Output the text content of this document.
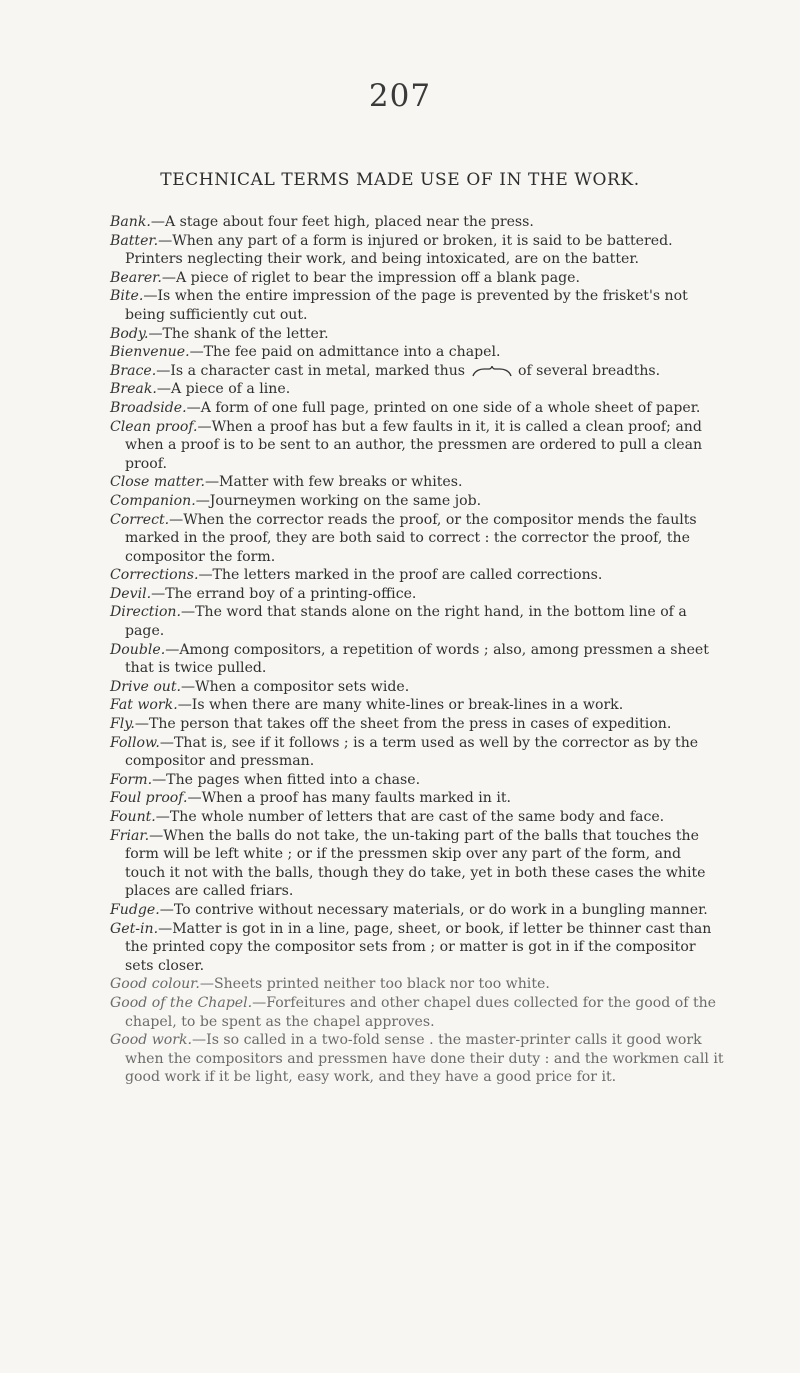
207
TECHNICAL TERMS MADE USE OF IN THE WORK.

Bank.—A stage about four feet high, placed near the press.

Batter.—When any part of a form is injured or broken, it is said to be battered. Printers neglecting their work, and being intoxicated, are on the batter.

Bearer.—A piece of riglet to bear the impression off a blank page.

Bite.—Is when the entire impression of the page is prevented by the frisket's not being sufficiently cut out.

Body.—The shank of the letter.

Bienvenue.—The fee paid on admittance into a chapel.

Brace.—Is a character cast in metal, marked thus	of several breadths.

Break.—A piece of a line.

Broadside.—A form of one full page, printed on one side of a whole sheet of paper.

Clean proof.—When a proof has but a few faults in it, it is called a clean proof; and when a proof is to be sent to an author, the pressmen are ordered to pull a clean proof.

Close matter.—Matter with few breaks or whites.

Companion.—Journeymen working on the same job.

Correct.—When the corrector reads the proof, or the compositor mends the faults marked in the proof, they are both said to correct : the corrector the proof, the compositor the form.

Corrections.—The letters marked in the proof are called corrections.

Devil.—The errand boy of a printing-office.

Direction.—The word that stands alone on the right hand, in the bottom line of a page.

Double.—Among compositors, a repetition of words ; also, among pressmen a sheet that is twice pulled.

Drive out.—When a compositor sets wide.

Fat work.—Is when there are many white-lines or break-lines in a work.

Fly.—The person that takes off the sheet from the press in cases of expedition.

Follow.—That is, see if it follows ; is a term used as well by the corrector as by the compositor and pressman.

Form.—The pages when fitted into a chase.

Foul proof.—When a proof has many faults marked in it.

Fount.—The whole number of letters that are cast of the same body and face.

Friar.—When the balls do not take, the un-taking part of the balls that touches the form will be left white ; or if the pressmen skip over any part of the form, and touch it not with the balls, though they do take, yet in both these cases the white places are called friars.

Fudge.—To contrive without necessary materials, or do work in a bungling manner.

Get-in.—Matter is got in in a line, page, sheet, or book, if letter be thinner cast than the printed copy the compositor sets from ; or matter is got in if the compositor sets closer.

Good colour.—Sheets printed neither too black nor too white.

Good of the Chapel.—Forfeitures and other chapel dues collected for the good of the chapel, to be spent as the chapel approves.

Good work.—Is so called in a two-fold sense . the master-printer calls it good work when the compositors and pressmen have done their duty : and the workmen call it good work if it be light, easy work, and they have a good price for it.
